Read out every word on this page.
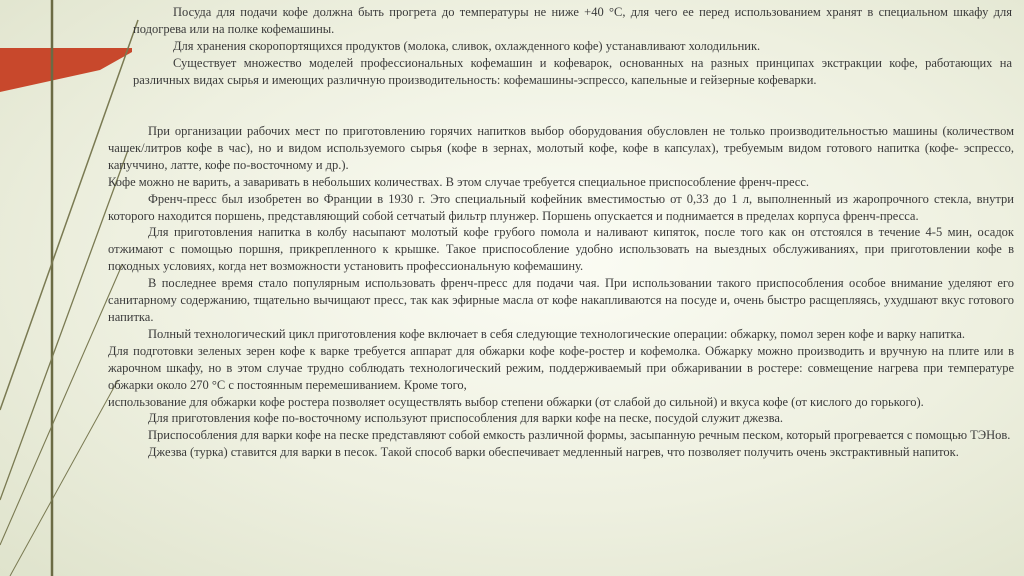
Посуда для подачи кофе должна быть прогрета до температуры не ниже +40 °С, для чего ее перед использованием хранят в специальном шкафу для подогрева или на полке кофемашины.

Для хранения скоропортящихся продуктов (молока, сливок, охлажденного кофе) устанавливают холодильник.

Существует множество моделей профессиональных кофемашин и кофеварок, основанных на разных принципах экстракции кофе, работающих на различных видах сырья и имеющих различную производительность: кофемашины-эспрессо, капельные и гейзерные кофеварки.

При организации рабочих мест по приготовлению горячих напитков выбор оборудования обусловлен не только производительностью машины (количеством чашек/литров кофе в час), но и видом используемого сырья (кофе в зернах, молотый кофе, кофе в капсулах), требуемым видом готового напитка (кофе- эспрессо, капуччино, латте, кофе по-восточному и др.).

Кофе можно не варить, а заваривать в небольших количествах. В этом случае требуется специальное приспособление френч-пресс.

Френч-пресс был изобретен во Франции в 1930 г. Это специальный кофейник вместимостью от 0,33 до 1 л, выполненный из жаропрочного стекла, внутри которого находится поршень, представляющий собой сетчатый фильтр плунжер. Поршень опускается и поднимается в пределах корпуса френч-пресса.

Для приготовления напитка в колбу насыпают молотый кофе грубого помола и наливают кипяток, после того как он отстоялся в течение 4-5 мин, осадок отжимают с помощью поршня, прикрепленного к крышке. Такое приспособление удобно использовать на выездных обслуживаниях, при приготовлении кофе в походных условиях, когда нет возможности установить профессиональную кофемашину.

В последнее время стало популярным использовать френч-пресс для подачи чая. При использовании такого приспособления особое внимание уделяют его санитарному содержанию, тщательно вычищают пресс, так как эфирные масла от кофе накапливаются на посуде и, очень быстро расщепляясь, ухудшают вкус готового напитка.

Полный технологический цикл приготовления кофе включает в себя следующие технологические операции: обжарку, помол зерен кофе и варку напитка.

Для подготовки зеленых зерен кофе к варке требуется аппарат для обжарки кофе кофе-ростер и кофемолка. Обжарку можно производить и вручную на плите или в жарочном шкафу, но в этом случае трудно соблюдать технологический режим, поддерживаемый при обжаривании в ростере: совмещение нагрева при температуре обжарки около 270 °С с постоянным перемешиванием. Кроме того,

использование для обжарки кофе ростера позволяет осуществлять выбор степени обжарки (от слабой до сильной) и вкуса кофе (от кислого до горького).

Для приготовления кофе по-восточному используют приспособления для варки кофе на песке, посудой служит джезва.

Приспособления для варки кофе на песке представляют собой емкость различной формы, засыпанную речным песком, который прогревается с помощью ТЭНов.

Джезва (турка) ставится для варки в песок. Такой способ варки обеспечивает медленный нагрев, что позволяет получить очень экстрактивный напиток.
